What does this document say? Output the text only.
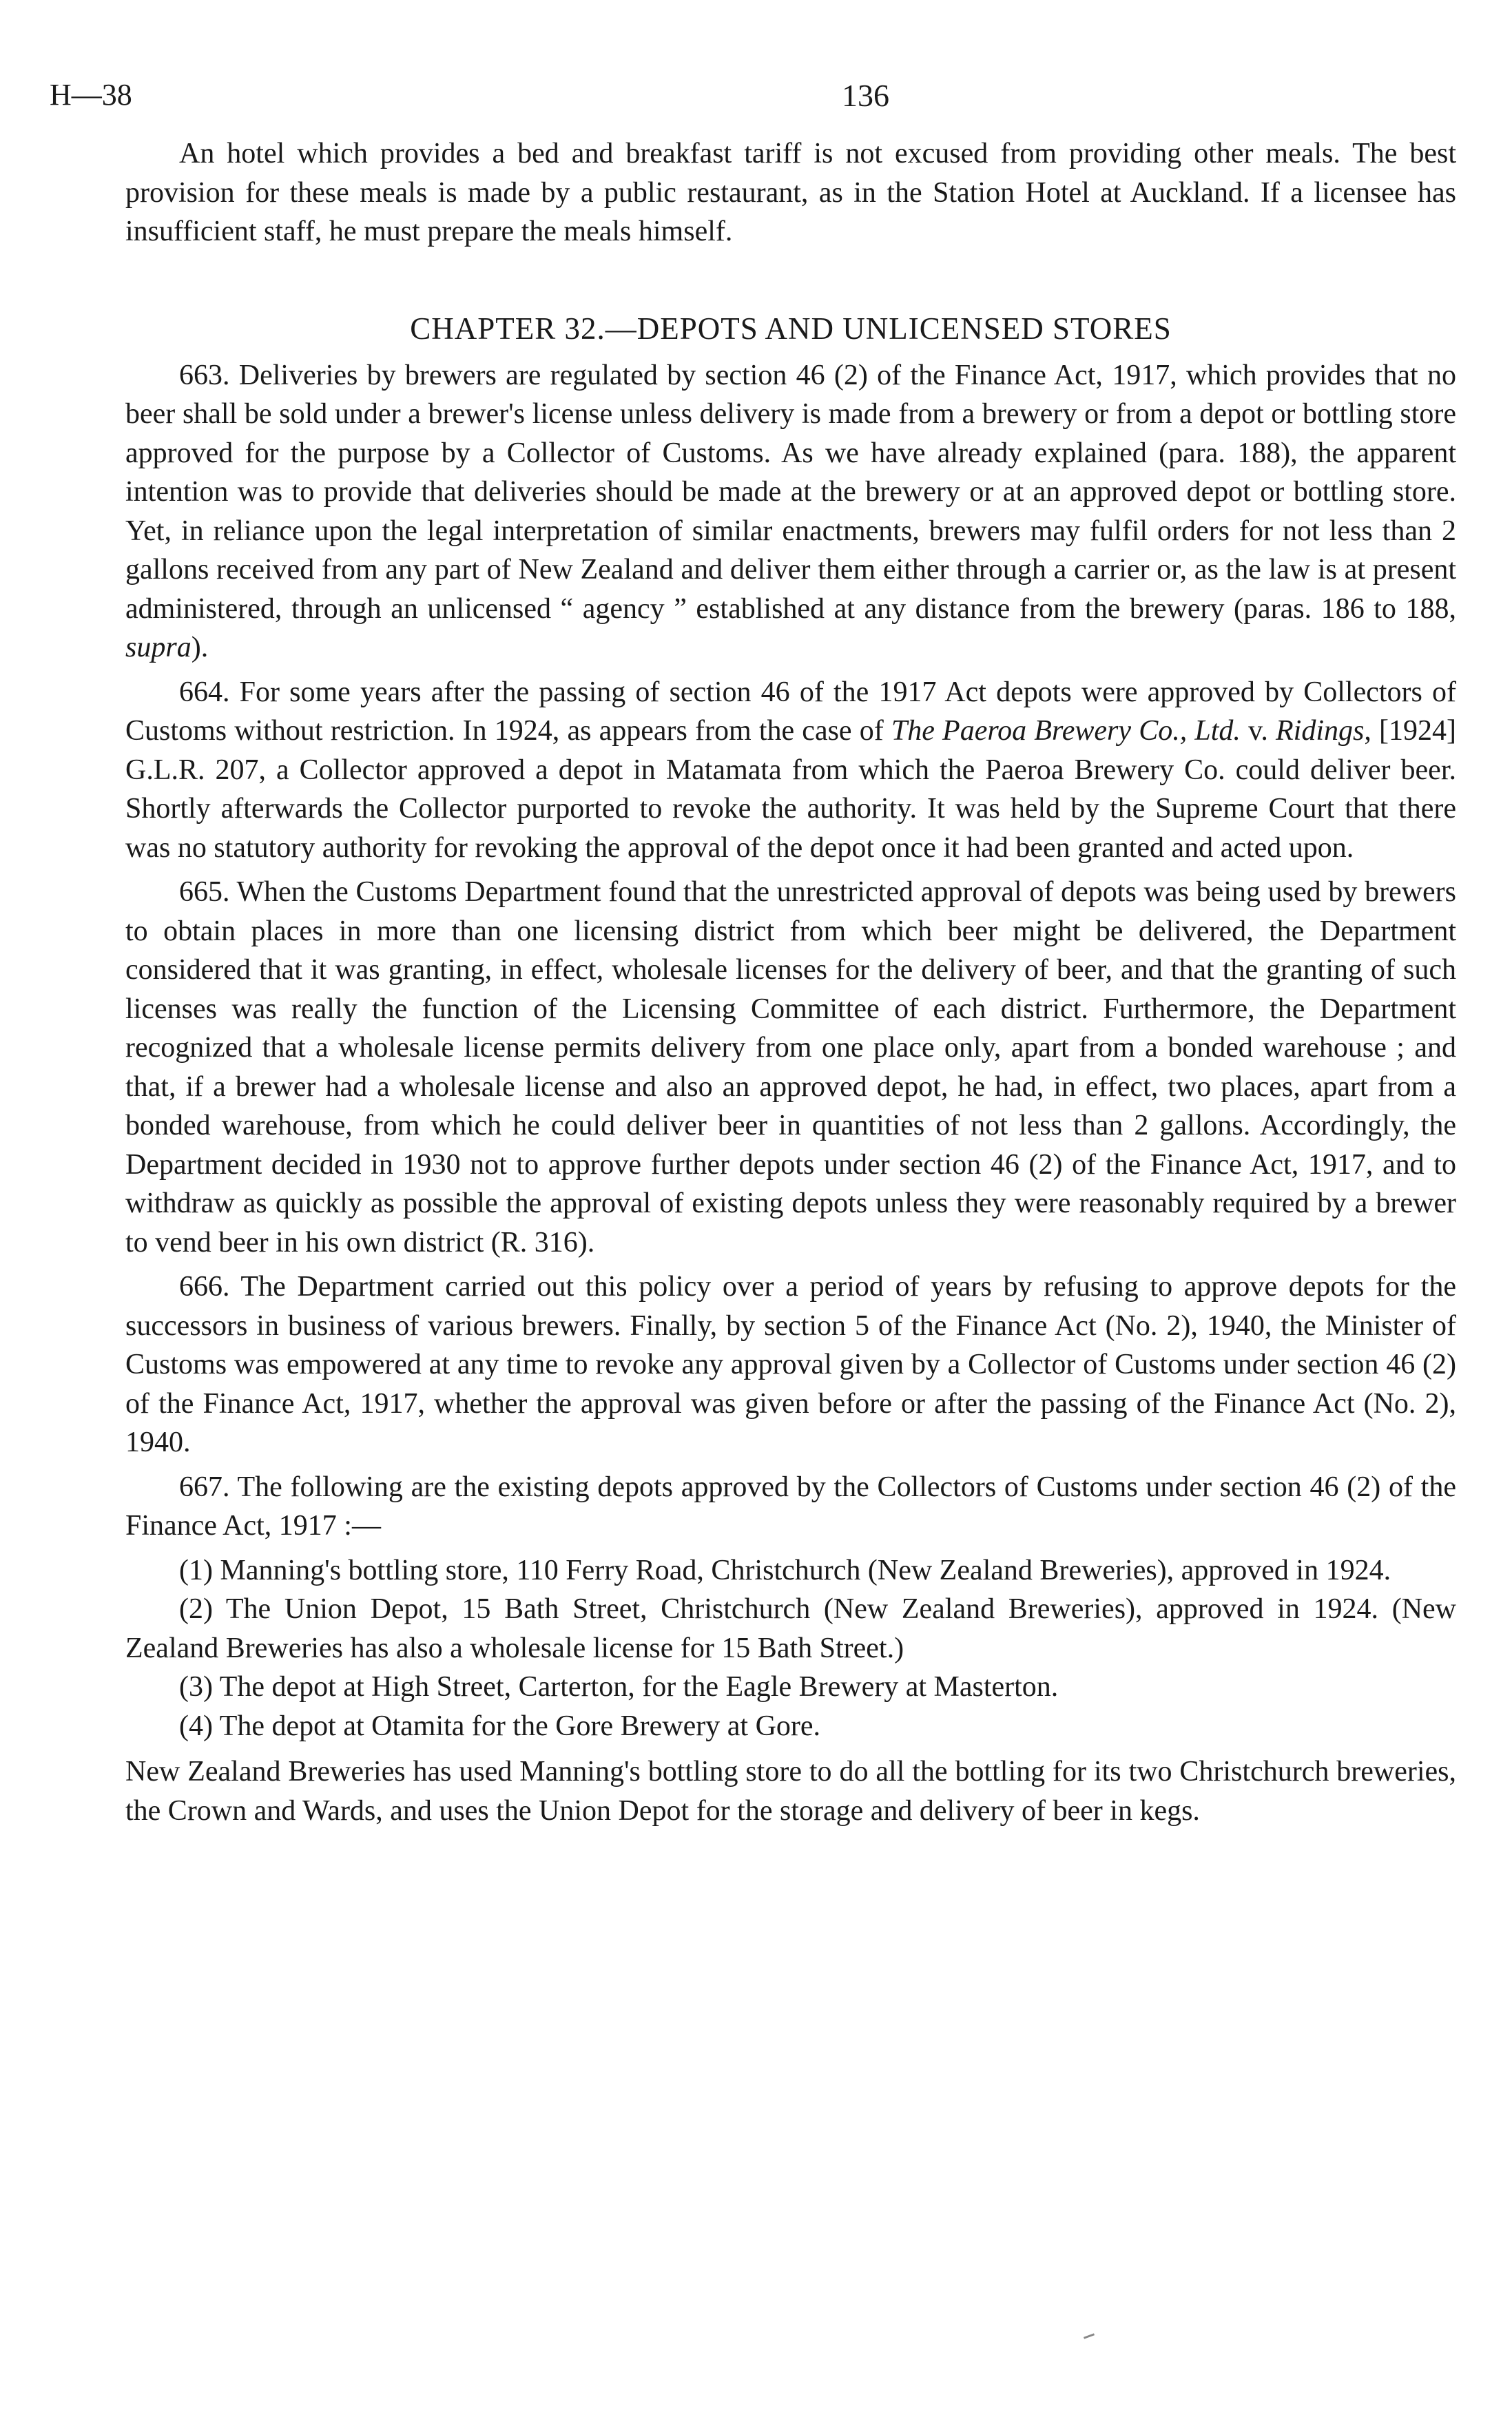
H—38	136

An hotel which provides a bed and breakfast tariff is not excused from providing other meals. The best provision for these meals is made by a public restaurant, as in the Station Hotel at Auckland. If a licensee has insufficient staff, he must prepare the meals himself.

CHAPTER 32.—DEPOTS AND UNLICENSED STORES

663. Deliveries by brewers are regulated by section 46 (2) of the Finance Act, 1917, which provides that no beer shall be sold under a brewer's license unless delivery is made from a brewery or from a depot or bottling store approved for the purpose by a Collector of Customs. As we have already explained (para. 188), the apparent intention was to provide that deliveries should be made at the brewery or at an approved depot or bottling store. Yet, in reliance upon the legal interpretation of similar enactments, brewers may fulfil orders for not less than 2 gallons received from any part of New Zealand and deliver them either through a carrier or, as the law is at present administered, through an unlicensed “ agency ” established at any distance from the brewery (paras. 186 to 188, supra).

664. For some years after the passing of section 46 of the 1917 Act depots were approved by Collectors of Customs without restriction. In 1924, as appears from the case of The Paeroa Brewery Co., Ltd. v. Ridings, [1924] G.L.R. 207, a Collector approved a depot in Matamata from which the Paeroa Brewery Co. could deliver beer. Shortly afterwards the Collector purported to revoke the authority. It was held by the Supreme Court that there was no statutory authority for revoking the approval of the depot once it had been granted and acted upon.

665. When the Customs Department found that the unrestricted approval of depots was being used by brewers to obtain places in more than one licensing district from which beer might be delivered, the Department considered that it was granting, in effect, wholesale licenses for the delivery of beer, and that the granting of such licenses was really the function of the Licensing Committee of each district. Furthermore, the Department recognized that a wholesale license permits delivery from one place only, apart from a bonded warehouse ; and that, if a brewer had a wholesale license and also an approved depot, he had, in effect, two places, apart from a bonded warehouse, from which he could deliver beer in quantities of not less than 2 gallons. Accordingly, the Department decided in 1930 not to approve further depots under section 46 (2) of the Finance Act, 1917, and to withdraw as quickly as possible the approval of existing depots unless they were reasonably required by a brewer to vend beer in his own district (R. 316).

666. The Department carried out this policy over a period of years by refusing to approve depots for the successors in business of various brewers. Finally, by section 5 of the Finance Act (No. 2), 1940, the Minister of Customs was empowered at any time to revoke any approval given by a Collector of Customs under section 46 (2) of the Finance Act, 1917, whether the approval was given before or after the passing of the Finance Act (No. 2), 1940.

667. The following are the existing depots approved by the Collectors of Customs under section 46 (2) of the Finance Act, 1917 :—

(1) Manning's bottling store, 110 Ferry Road, Christchurch (New Zealand Breweries), approved in 1924.

(2) The Union Depot, 15 Bath Street, Christchurch (New Zealand Breweries), approved in 1924. (New Zealand Breweries has also a wholesale license for 15 Bath Street.)

(3) The depot at High Street, Carterton, for the Eagle Brewery at Masterton.

(4) The depot at Otamita for the Gore Brewery at Gore.

New Zealand Breweries has used Manning's bottling store to do all the bottling for its two Christchurch breweries, the Crown and Wards, and uses the Union Depot for the storage and delivery of beer in kegs.
